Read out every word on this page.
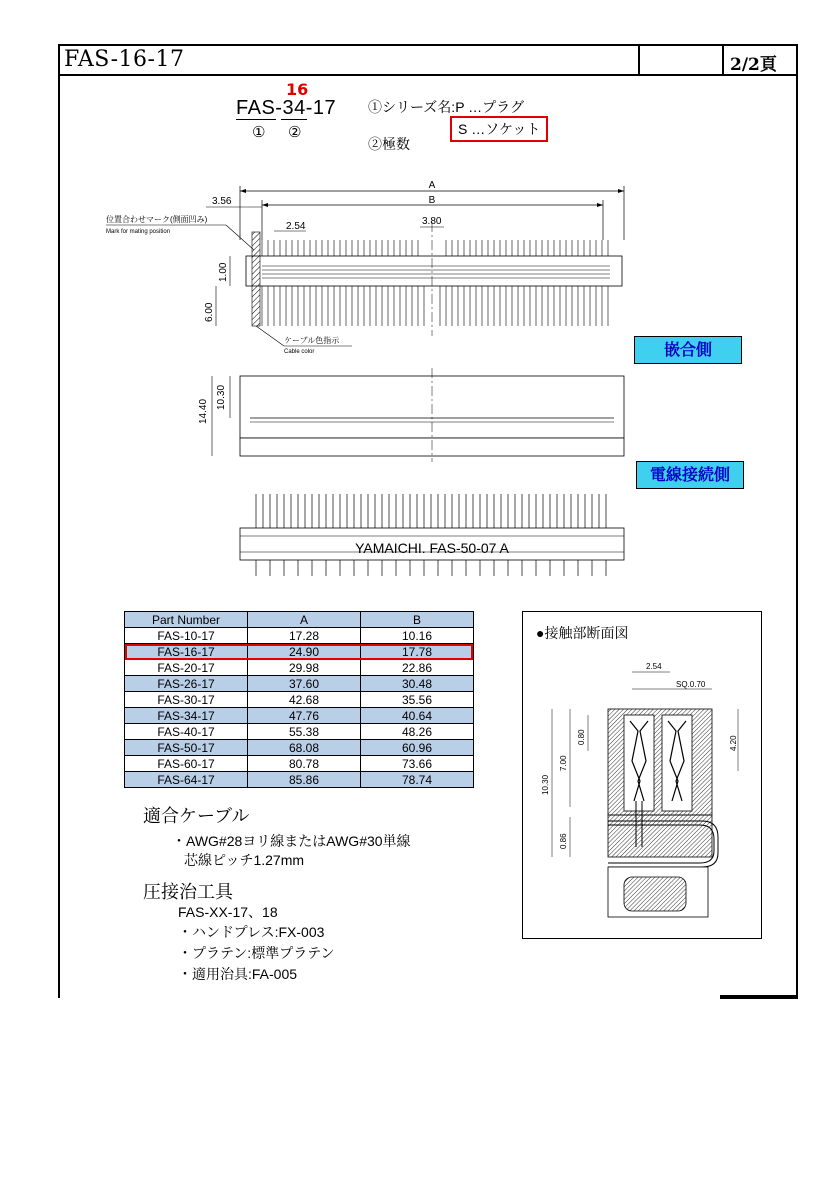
FAS-16-17	2/2頁
16
FAS-34-17
① ②
①シリーズ名:P …プラグ
S …ソケット
②極数
A
B
3.56
2.54	3.80
位置合わせマーク(側面凹み)
Mark for mating position
1.00
6.00
ケーブル色指示
Cable color
14.40
10.30
YAMAICHI. FAS-50-07 A
嵌合側
電線接続側
Part Number	A	B
FAS-10-17	17.28	10.16
FAS-16-17	24.90	17.78
FAS-20-17	29.98	22.86
FAS-26-17	37.60	30.48
FAS-30-17	42.68	35.56
FAS-34-17	47.76	40.64
FAS-40-17	55.38	48.26
FAS-50-17	68.08	60.96
FAS-60-17	80.78	73.66
FAS-64-17	85.86	78.74
適合ケーブル
・AWG#28ヨリ線またはAWG#30単線
芯線ピッチ1.27mm
圧接治工具
FAS-XX-17、18
・ハンドプレス:FX-003
・プラテン:標準プラテン
・適用治具:FA-005
●接触部断面図
2.54
SQ.0.70
10.30
7.00
0.80
0.86
4.20
